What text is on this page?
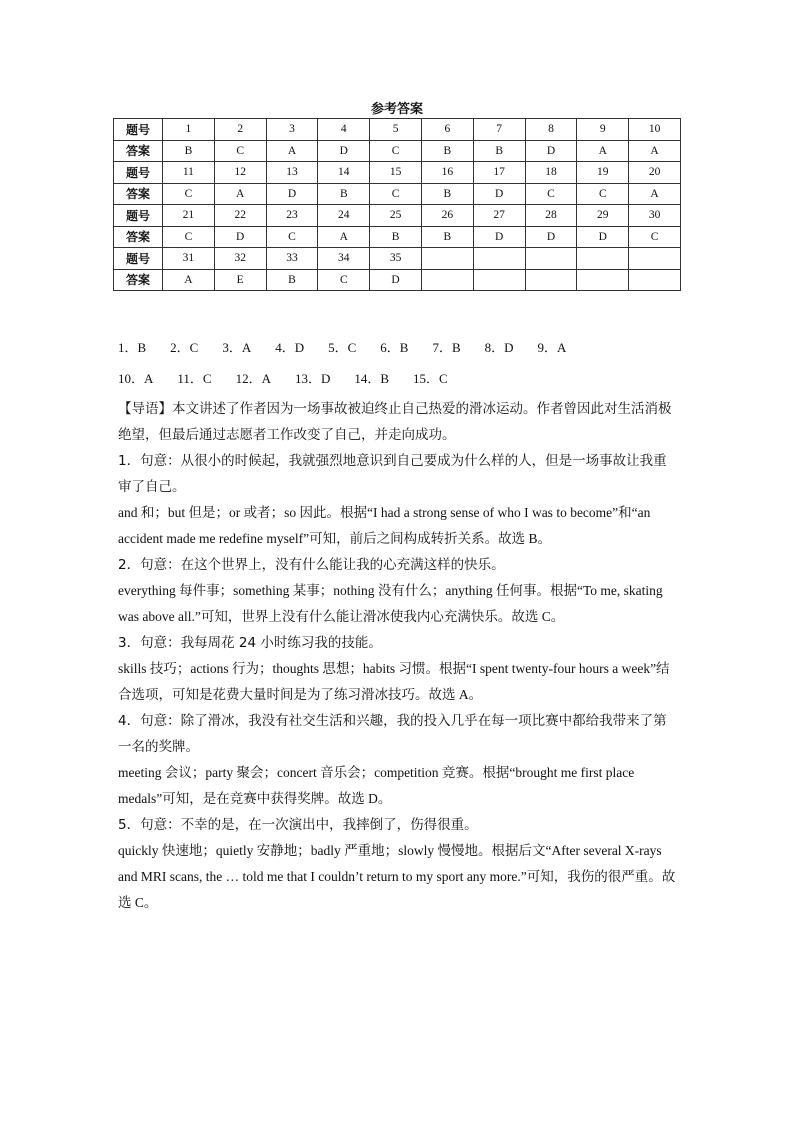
参考答案
题号	1	2	3	4	5	6	7	8	9	10
答案	B	C	A	D	C	B	B	D	A	A
题号	11	12	13	14	15	16	17	18	19	20
答案	C	A	D	B	C	B	D	C	C	A
题号	21	22	23	24	25	26	27	28	29	30
答案	C	D	C	A	B	B	D	D	D	C
题号	31	32	33	34	35					
答案	A	E	B	C	D					
1．B 2．C 3．A 4．D 5．C 6．B 7．B 8．D 9．A
10．A 11．C 12．A 13．D 14．B 15．C

【导语】本文讲述了作者因为一场事故被迫终止自己热爱的滑冰运动。作者曾因此对生活消极绝望，但最后通过志愿者工作改变了自己，并走向成功。

1．句意：从很小的时候起，我就强烈地意识到自己要成为什么样的人，但是一场事故让我重审了自己。

and 和；but 但是；or 或者；so 因此。根据“I had a strong sense of who I was to become”和“an accident made me redefine myself”可知，前后之间构成转折关系。故选 B。

2．句意：在这个世界上，没有什么能让我的心充满这样的快乐。

everything 每件事；something 某事；nothing 没有什么；anything 任何事。根据“To me, skating was above all.”可知，世界上没有什么能让滑冰使我内心充满快乐。故选 C。

3．句意：我每周花 24 小时练习我的技能。

skills 技巧；actions 行为；thoughts 思想；habits 习惯。根据“I spent twenty-four hours a week”结合选项，可知是花费大量时间是为了练习滑冰技巧。故选 A。

4．句意：除了滑冰，我没有社交生活和兴趣，我的投入几乎在每一项比赛中都给我带来了第一名的奖牌。

meeting 会议；party 聚会；concert 音乐会；competition 竞赛。根据“brought me first place medals”可知，是在竞赛中获得奖牌。故选 D。

5．句意：不幸的是，在一次演出中，我摔倒了，伤得很重。

quickly 快速地；quietly 安静地；badly 严重地；slowly 慢慢地。根据后文“After several X-rays and MRI scans, the … told me that I couldn’t return to my sport any more.”可知，我伤的很严重。故选 C。
